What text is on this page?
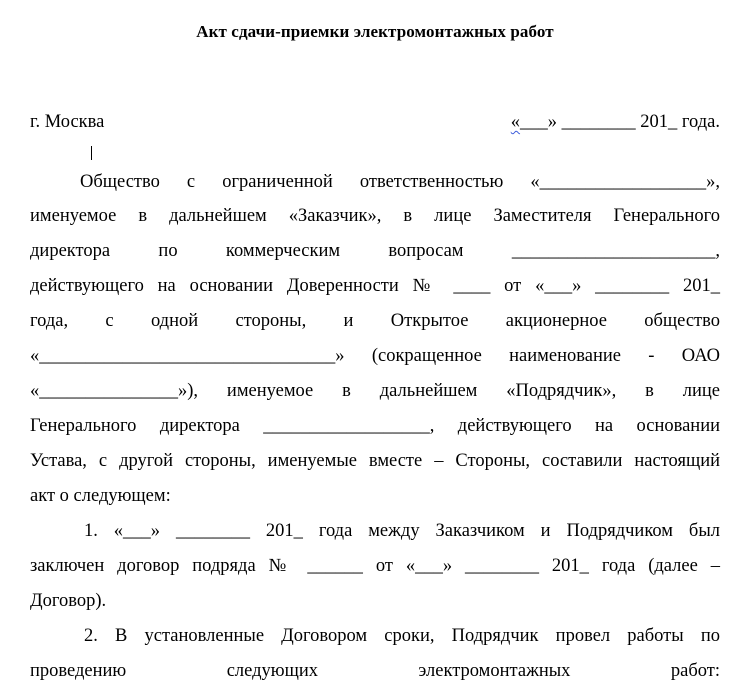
Акт сдачи-приемки электромонтажных работ
г. Москва	«___» ________ 201_ года.
Общество с ограниченной ответственностью «__________________»,
именуемое в дальнейшем «Заказчик», в лице Заместителя Генерального
директора по коммерческим вопросам ______________________,
действующего на основании Доверенности № ____ от «___» ________ 201_
года, с одной стороны, и Открытое акционерное общество
«________________________________» (сокращенное наименование - ОАО
«_______________»), именуемое в дальнейшем «Подрядчик», в лице
Генерального директора __________________, действующего на основании
Устава, с другой стороны, именуемые вместе – Стороны, составили настоящий
акт о следующем:
1. «___» ________ 201_ года между Заказчиком и Подрядчиком был
заключен договор подряда № ______ от «___» ________ 201_ года (далее –
Договор).
2. В установленные Договором сроки, Подрядчик провел работы по
проведению следующих электромонтажных работ:
